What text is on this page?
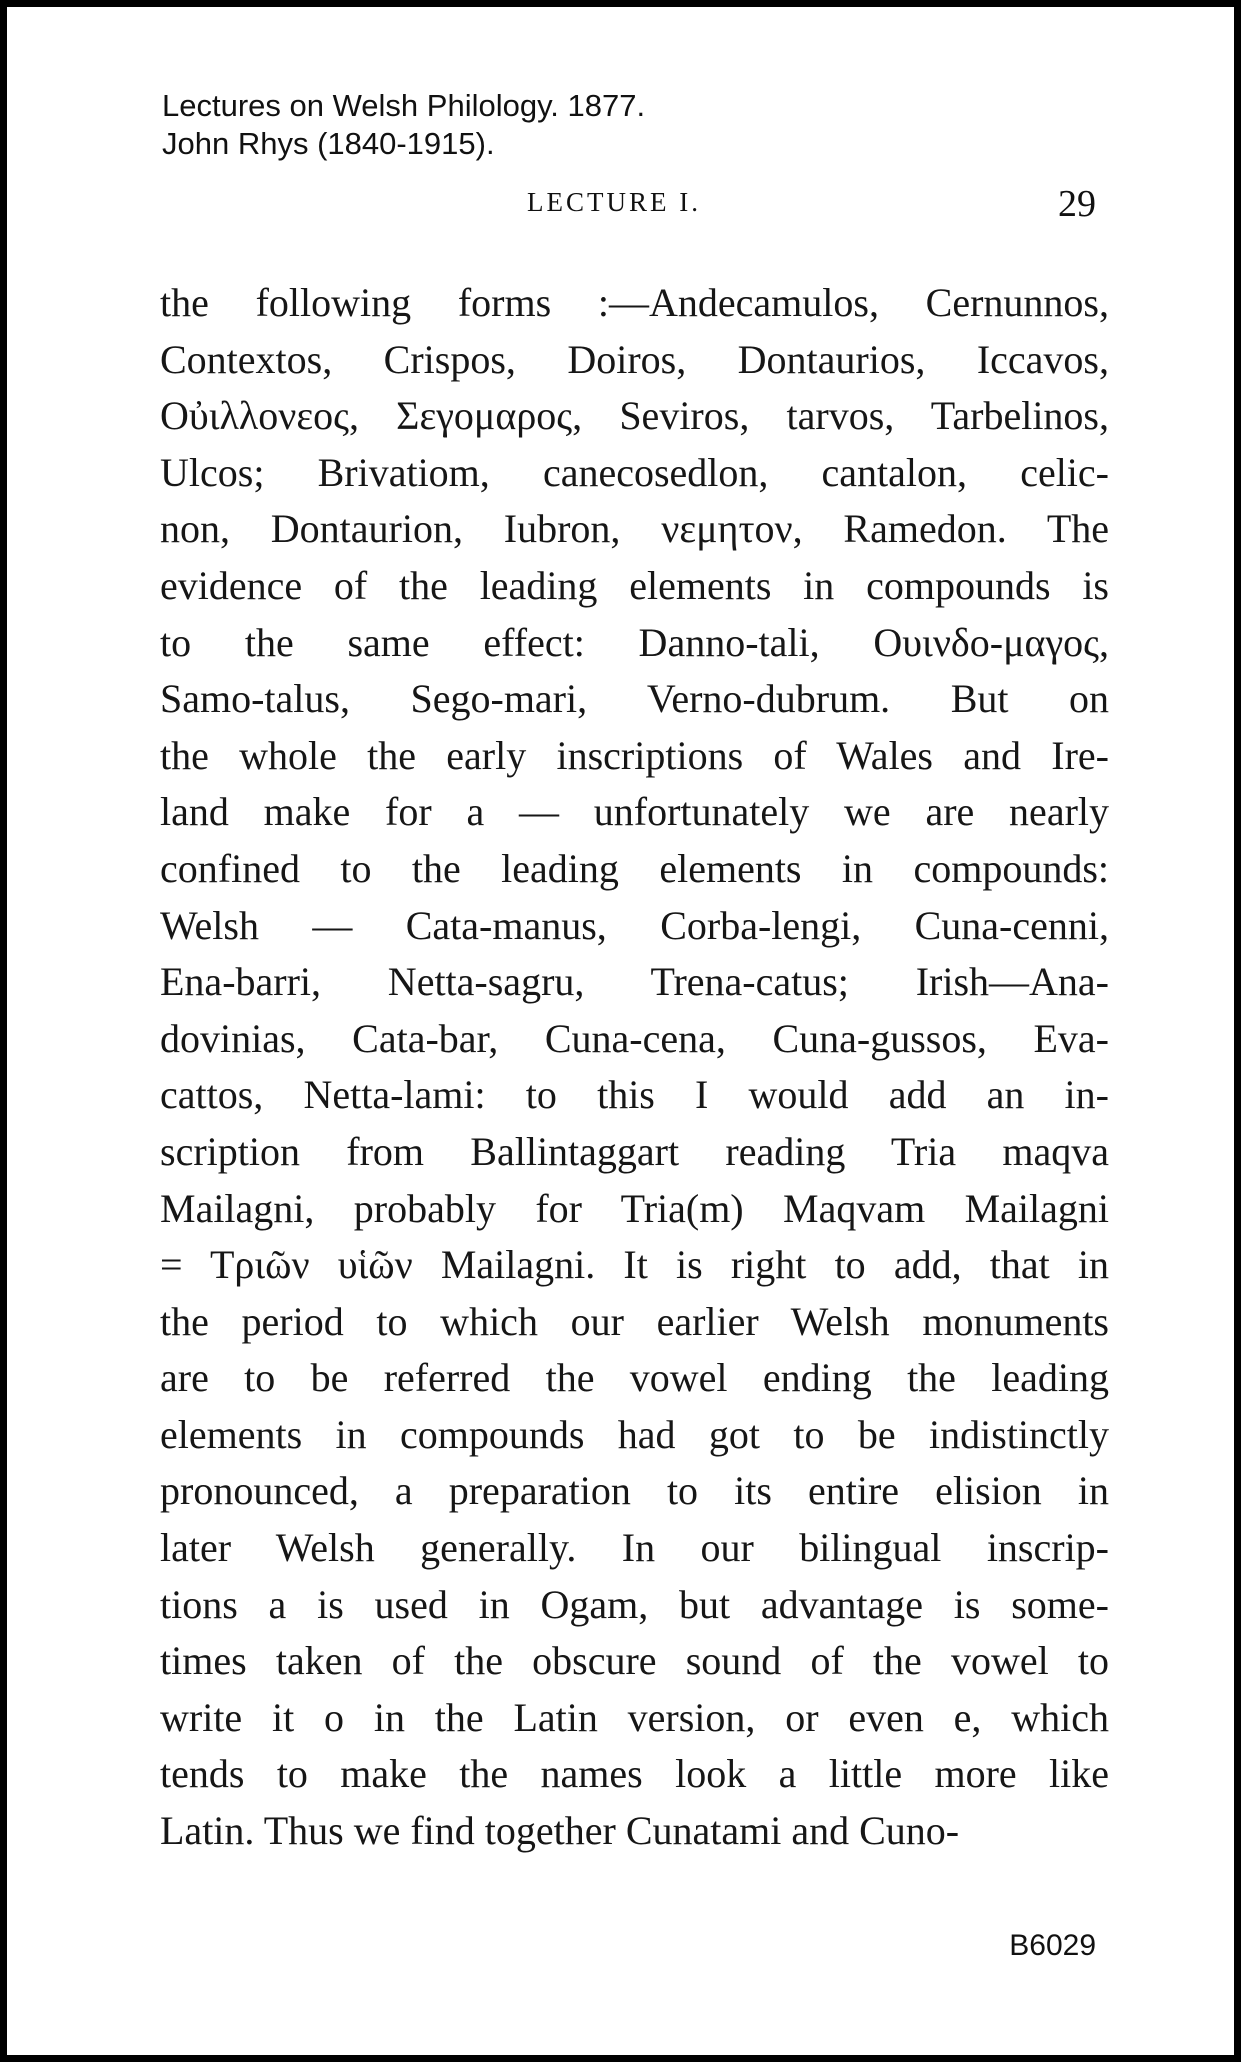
Lectures on Welsh Philology. 1877.
John Rhys (1840-1915).
LECTURE I.	29
the following forms :—Andecamulos, Cernunnos,
Contextos, Crispos, Doiros, Dontaurios, Iccavos,
Οὐιλλονεος, Σεγομαρος, Seviros, tarvos, Tarbelinos,
Ulcos; Brivatiom, canecosedlon, cantalon, celic-
non, Dontaurion, Iubron, νεμητον, Ramedon. The
evidence of the leading elements in compounds is
to the same effect: Danno-tali, Ουινδο-μαγος,
Samo-talus, Sego-mari, Verno-dubrum. But on
the whole the early inscriptions of Wales and Ire-
land make for a — unfortunately we are nearly
confined to the leading elements in compounds:
Welsh — Cata-manus, Corba-lengi, Cuna-cenni,
Ena-barri, Netta-sagru, Trena-catus; Irish—Ana-
dovinias, Cata-bar, Cuna-cena, Cuna-gussos, Eva-
cattos, Netta-lami: to this I would add an in-
scription from Ballintaggart reading Tria maqva
Mailagni, probably for Tria(m) Maqvam Mailagni
= Τριῶν υἱῶν Mailagni. It is right to add, that in
the period to which our earlier Welsh monuments
are to be referred the vowel ending the leading
elements in compounds had got to be indistinctly
pronounced, a preparation to its entire elision in
later Welsh generally. In our bilingual inscrip-
tions a is used in Ogam, but advantage is some-
times taken of the obscure sound of the vowel to
write it o in the Latin version, or even e, which
tends to make the names look a little more like
Latin. Thus we find together Cunatami and Cuno-
B6029
